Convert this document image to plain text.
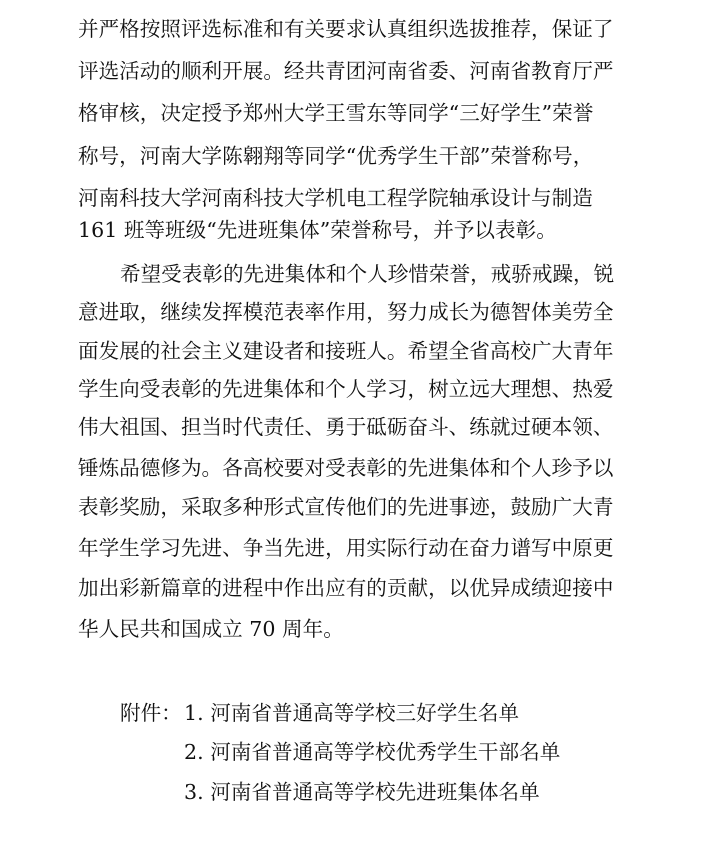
并严格按照评选标准和有关要求认真组织选拔推荐，保证了
评选活动的顺利开展。经共青团河南省委、河南省教育厅严
格审核，决定授予郑州大学王雪东等同学“三好学生”荣誉
称号，河南大学陈翱翔等同学“优秀学生干部”荣誉称号，
河南科技大学河南科技大学机电工程学院轴承设计与制造
161 班等班级“先进班集体”荣誉称号，并予以表彰。
希望受表彰的先进集体和个人珍惜荣誉，戒骄戒躁，锐
意进取，继续发挥模范表率作用，努力成长为德智体美劳全
面发展的社会主义建设者和接班人。希望全省高校广大青年
学生向受表彰的先进集体和个人学习，树立远大理想、热爱
伟大祖国、担当时代责任、勇于砥砺奋斗、练就过硬本领、
锤炼品德修为。各高校要对受表彰的先进集体和个人珍予以
表彰奖励，采取多种形式宣传他们的先进事迹，鼓励广大青
年学生学习先进、争当先进，用实际行动在奋力谱写中原更
加出彩新篇章的进程中作出应有的贡献，以优异成绩迎接中
华人民共和国成立 70 周年。
附件： 1. 河南省普通高等学校三好学生名单
2. 河南省普通高等学校优秀学生干部名单
3. 河南省普通高等学校先进班集体名单
